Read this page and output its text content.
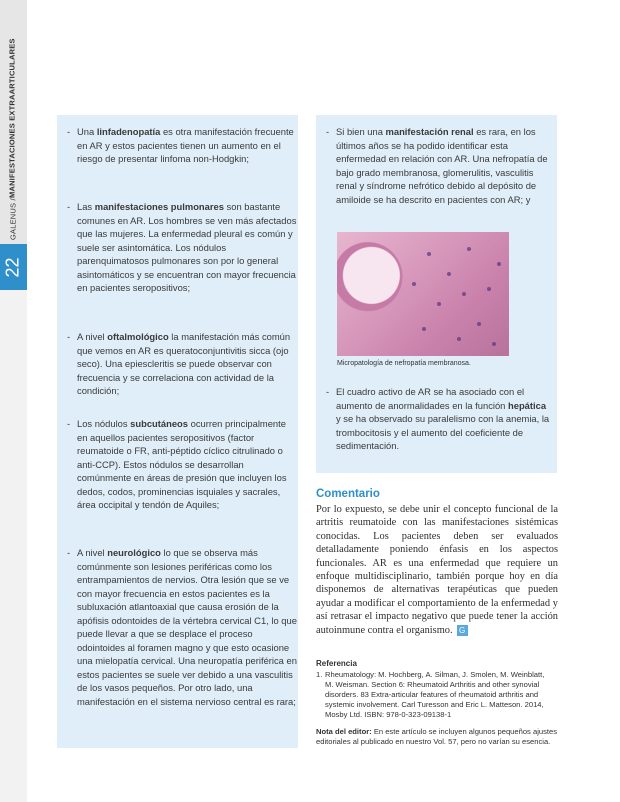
GALENUS /
MANIFESTACIONES EXTRAARTICULARES
22
- Una linfadenopatía es otra manifestación frecuente en AR y estos pacientes tienen un aumento en el riesgo de presentar linfoma non-Hodgkin;
- Las manifestaciones pulmonares son bastante comunes en AR. Los hombres se ven más afectados que las mujeres. La enfermedad pleural es común y suele ser asintomática. Los nódulos parenquimatosos pulmonares son por lo general asintomáticos y se encuentran con mayor frecuencia en pacientes seropositivos;
- A nivel oftalmológico la manifestación más común que vemos en AR es queratoconjuntivitis sicca (ojo seco). Una epiescleritis se puede observar con frecuencia y se correlaciona con actividad de la condición;
- Los nódulos subcutáneos ocurren principalmente en aquellos pacientes seropositivos (factor reumatoide o FR, anti-péptido cíclico citrulinado o anti-CCP). Estos nódulos se desarrollan comúnmente en áreas de presión que incluyen los dedos, codos, prominencias isquiales y sacrales, área occipital y tendón de Aquiles;
- A nivel neurológico lo que se observa más comúnmente son lesiones periféricas como los entrampamientos de nervios. Otra lesión que se ve con mayor frecuencia en estos pacientes es la subluxación atlantoaxial que causa erosión de la apófisis odontoides de la vértebra cervical C1, lo que puede llevar a que se desplace el proceso odointoides al foramen magno y que esto ocasione una mielopatía cervical. Una neuropatía periférica en estos pacientes se suele ver debido a una vasculitis de los vasos pequeños. Por otro lado, una manifestación en el sistema nervioso central es rara;
- Si bien una manifestación renal es rara, en los últimos años se ha podido identificar esta enfermedad en relación con AR. Una nefropatía de bajo grado membranosa, glomerulitis, vasculitis renal y síndrome nefrótico debido al depósito de amiloide se ha descrito en pacientes con AR; y
- El cuadro activo de AR se ha asociado con el aumento de anormalidades en la función hepática y se ha observado su paralelismo con la anemia, la trombocitosis y el aumento del coeficiente de sedimentación.
Micropatología de nefropatía membranosa.
Comentario
Por lo expuesto, se debe unir el concepto funcional de la artritis reumatoide con las manifestaciones sistémicas conocidas. Los pacientes deben ser evaluados detalladamente poniendo énfasis en los aspectos funcionales. AR es una enfermedad que requiere un enfoque multidisciplinario, también porque hoy en día disponemos de alternativas terapéuticas que pueden ayudar a modificar el comportamiento de la enfermedad y así retrasar el impacto negativo que puede tener la acción autoinmune contra el organismo. G
Referencia
1. Rheumatology: M. Hochberg, A. Silman, J. Smolen, M. Weinblatt, M. Weisman. Section 6: Rheumatoid Arthritis and other synovial disorders. 83 Extra-articular features of rheumatoid arthritis and systemic involvement. Carl Turesson and Eric L. Matteson. 2014, Mosby Ltd. ISBN: 978-0-323-09138-1
Nota del editor: En este artículo se incluyen algunos pequeños ajustes editoriales al publicado en nuestro Vol. 57, pero no varían su esencia.
